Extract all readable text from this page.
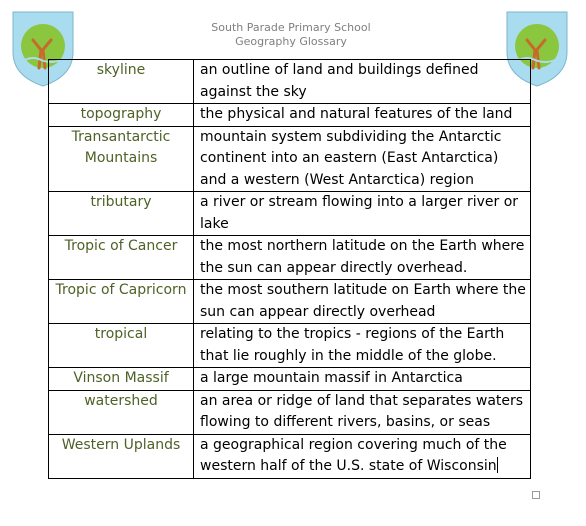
South Parade Primary School
Geography Glossary
skyline	an outline of land and buildings defined against the sky
topography	the physical and natural features of the land
Transantarctic Mountains	mountain system subdividing the Antarctic continent into an eastern (East Antarctica) and a western (West Antarctica) region
tributary	a river or stream flowing into a larger river or lake
Tropic of Cancer	the most northern latitude on the Earth where the sun can appear directly overhead.
Tropic of Capricorn	the most southern latitude on Earth where the sun can appear directly overhead
tropical	relating to the tropics - regions of the Earth that lie roughly in the middle of the globe.
Vinson Massif	a large mountain massif in Antarctica
watershed	an area or ridge of land that separates waters flowing to different rivers, basins, or seas
Western Uplands	a geographical region covering much of the western half of the U.S. state of Wisconsin
